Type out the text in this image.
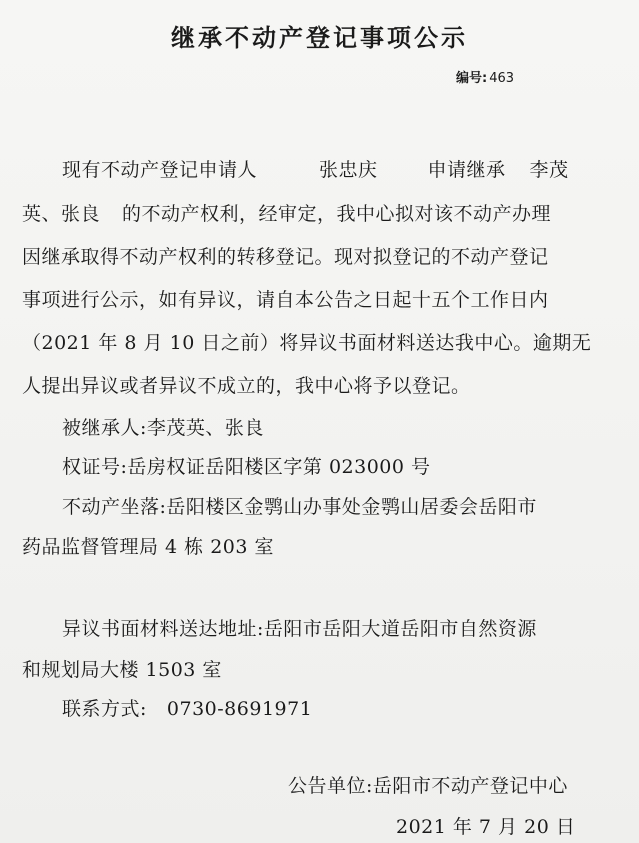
继承不动产登记事项公示
编号: 463
现有不动产登记申请人	张忠庆	申请继承 李茂
英、张良 的不动产权利，经审定，我中心拟对该不动产办理
因继承取得不动产权利的转移登记。现对拟登记的不动产登记
事项进行公示，如有异议，请自本公告之日起十五个工作日内
（2021 年 8 月 10 日之前）将异议书面材料送达我中心。逾期无
人提出异议或者异议不成立的，我中心将予以登记。
被继承人:李茂英、张良
权证号:岳房权证岳阳楼区字第 023000 号
不动产坐落:岳阳楼区金鹗山办事处金鹗山居委会岳阳市
药品监督管理局 4 栋 203 室
异议书面材料送达地址:岳阳市岳阳大道岳阳市自然资源
和规划局大楼 1503 室
联系方式: 0730-8691971
公告单位:岳阳市不动产登记中心
2021 年 7 月 20 日
